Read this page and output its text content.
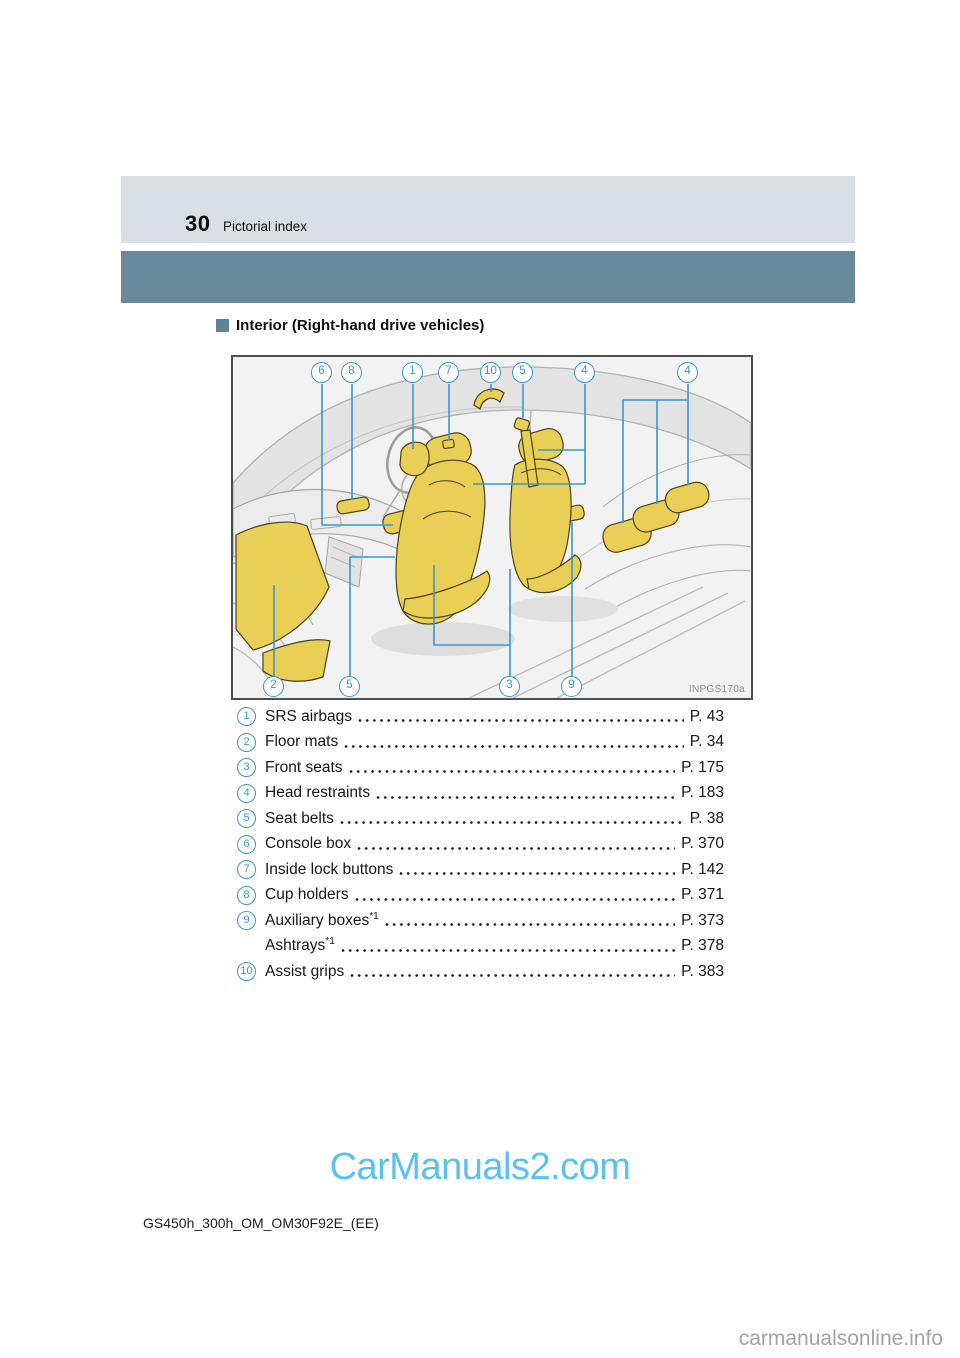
30 Pictorial index
Interior (Right-hand drive vehicles)
6	8	1	7	10	5	4	4
2	5	3	9	INPGS170a
1 SRS airbags	P. 43
2 Floor mats	P. 34
3 Front seats	P. 175
4 Head restraints	P. 183
5 Seat belts	P. 38
6 Console box	P. 370
7 Inside lock buttons	P. 142
8 Cup holders	P. 371
9 Auxiliary boxes$^{*1}$	P. 373
Ashtrays$^{*1}$	P. 378
10 Assist grips	P. 383
CarManuals2.com
GS450h_300h_OM_OM30F92E_(EE)
carmanualsonline.info
